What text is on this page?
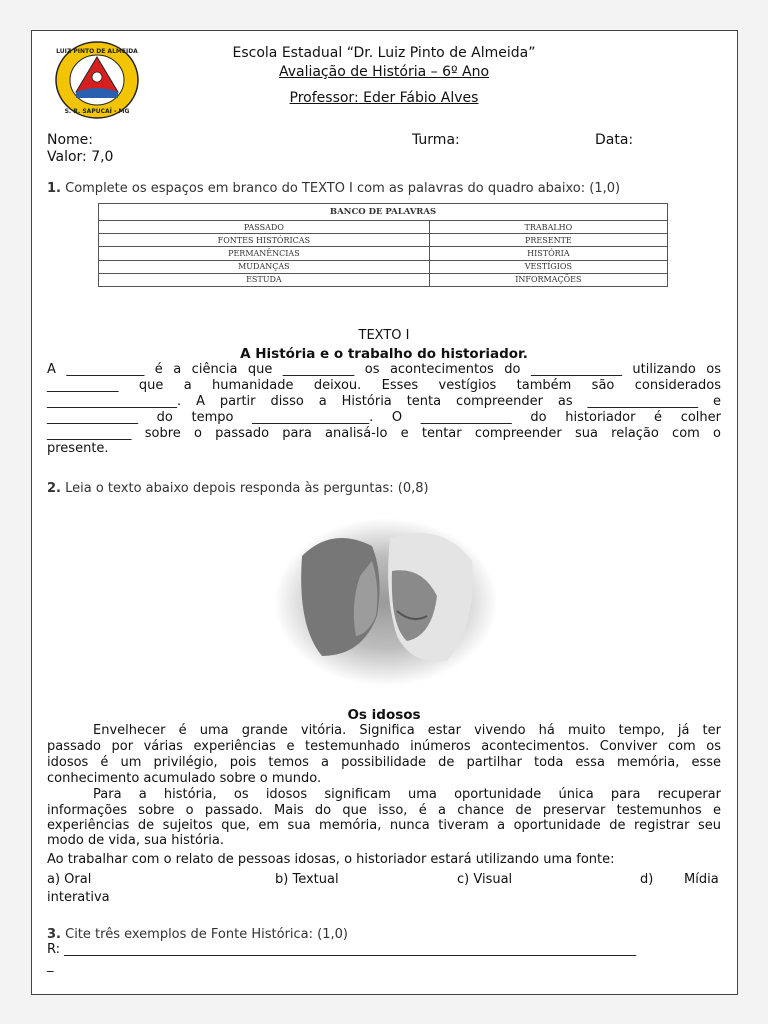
LUIZ PINTO DE ALMEIDA
S. R. SAPUCAÍ - MG
Escola Estadual “Dr. Luiz Pinto de Almeida”
Avaliação de História – 6º Ano
Professor: Eder Fábio Alves
Nome:	Turma:	Data:
Valor: 7,0
1. Complete os espaços em branco do TEXTO I com as palavras do quadro abaixo: (1,0)
BANCO DE PALAVRAS	
PASSADO	TRABALHO
FONTES HISTÓRICAS	PRESENTE
PERMANÊNCIAS	HISTÓRIA
MUDANÇAS	VESTÍGIOS
ESTUDA	INFORMAÇÕES
TEXTO I
A História e o trabalho do historiador.
A ____________ é a ciência que ___________ os acontecimentos do ______________ utilizando os
___________ que a humanidade deixou. Esses vestígios também são considerados
____________________. A partir disso a História tenta compreender as _________________ e
______________ do tempo __________________. O ______________ do historiador é colher
_____________ sobre o passado para analisá-lo e tentar compreender sua relação com o
presente.
2. Leia o texto abaixo depois responda às perguntas: (0,8)
Os idosos
Envelhecer é uma grande vitória. Significa estar vivendo há muito tempo, já ter
passado por várias experiências e testemunhado inúmeros acontecimentos. Conviver com os
idosos é um privilégio, pois temos a possibilidade de partilhar toda essa memória, esse
conhecimento acumulado sobre o mundo.
Para a história, os idosos significam uma oportunidade única para recuperar
informações sobre o passado. Mais do que isso, é a chance de preservar testemunhos e
experiências de sujeitos que, em sua memória, nunca tiveram a oportunidade de registrar seu
modo de vida, sua história.
Ao trabalhar com o relato de pessoas idosas, o historiador estará utilizando uma fonte:
a) Oral	b) Textual	c) Visual	d) Mídia
interativa
3. Cite três exemplos de Fonte Histórica: (1,0)
R: ________________________________________________________________________________________
_
